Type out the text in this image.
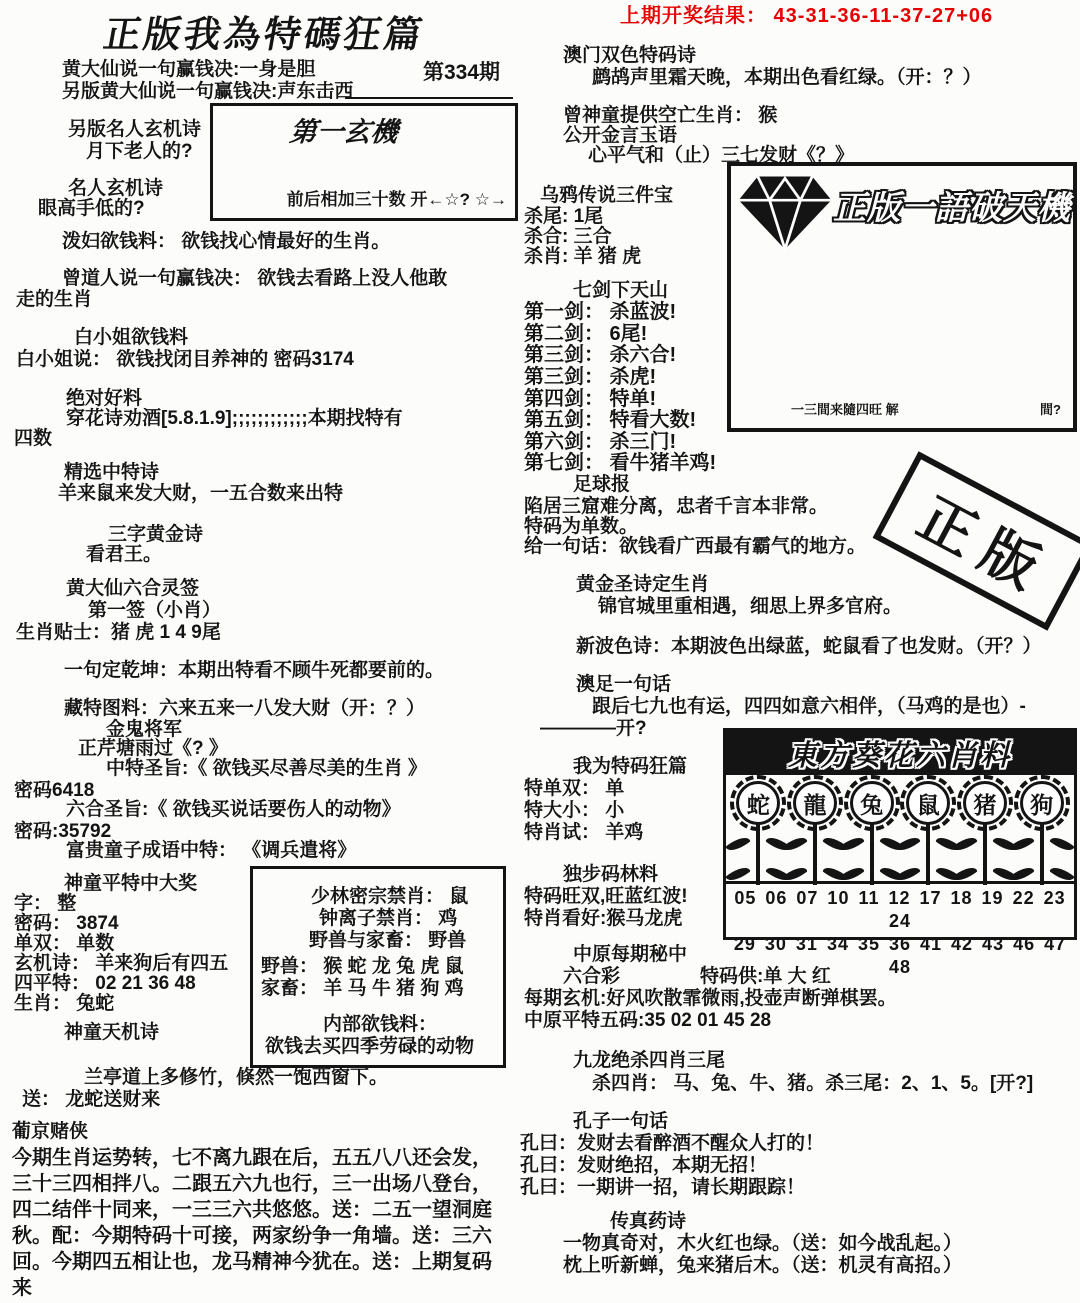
上期开奖结果： 43-31-36-11-37-27+06
正版我為特碼狂篇
黄大仙说一句赢钱决:一身是胆
另版黄大仙说一句赢钱决:声东击西
第334期
第一玄機
前后相加三十数 开←☆? ☆→
另版名人玄机诗
月下老人的?
名人玄机诗
眼高手低的?
泼妇欲钱料： 欲钱找心情最好的生肖。
曾道人说一句赢钱决： 欲钱去看路上没人他敢
走的生肖
白小姐欲钱料
白小姐说： 欲钱找闭目养神的 密码3174
绝对好料
穿花诗劝酒[5.8.1.9];;;;;;;;;;;;本期找特有
四数
精选中特诗
羊来鼠来发大财，一五合数来出特
三字黄金诗
看君王。
黄大仙六合灵签
第一签（小肖）
生肖贴士：猪 虎 1 4 9尾
一句定乾坤：本期出特看不顾牛死都要前的。
藏特图料：六来五来一八发大财（开：？）
金鬼将军
正芹塘雨过《? 》
中特圣旨:《 欲钱买尽善尽美的生肖 》
密码6418
六合圣旨:《 欲钱买说话要伤人的动物》
密码:35792
富贵童子成语中特： 《调兵遣将》
神童平特中大奖
字： 整
密码： 3874
单双： 单数
玄机诗： 羊来狗后有四五
四平特： 02 21 36 48
生肖： 兔蛇
神童天机诗
少林密宗禁肖： 鼠
钟离子禁肖： 鸡
野兽与家畜： 野兽
野兽： 猴 蛇 龙 兔 虎 鼠
家畜： 羊 马 牛 猪 狗 鸡
内部欲钱料：
欲钱去买四季劳碌的动物
兰亭道上多修竹，倏然一饱西窗下。
送： 龙蛇送财来
葡京赌侠
今期生肖运势转，七不离九跟在后，五五八八还会发，
三十三四相拌八。二跟五六九也行，三一出场八登台，
四二结伴十同来，一三三六共悠悠。送：二五一望洞庭
秋。配：今期特码十可接，两家纷争一角墙。送：三六
回。今期四五相让也，龙马精神今犹在。送：上期复码
来
澳门双色特码诗
鹧鸪声里霜天晚，本期出色看红绿。（开：？）
曾神童提供空亡生肖： 猴
公开金言玉语
心平气和（止）三七发财《？》
乌鸦传说三件宝
杀尾: 1尾
杀合: 三合
杀肖: 羊 猪 虎
正版一語破天機
一三間来隨四旺 解	間?
七剑下天山
第一剑： 杀蓝波!
第二剑： 6尾!
第三剑： 杀六合!
第三剑： 杀虎!
第四剑： 特单!
第五剑： 特看大数!
第六剑： 杀三门!
第七剑： 看牛猪羊鸡!
足球报
陷居三窟难分离，忠者千言本非常。
特码为单数。
给一句话：欲钱看广西最有霸气的地方。 正版
黄金圣诗定生肖
锦官城里重相遇，细思上界多官府。
新波色诗：本期波色出绿蓝，蛇鼠看了也发财。（开？）
澳足一句话
跟后七九也有运，四四如意六相伴，（马鸡的是也）-
————开?
我为特码狂篇
特单双： 单
特大小： 小
特肖试： 羊鸡
独步码林料
特码旺双,旺蓝红波!
特肖看好:猴马龙虎
東方葵花六肖料
蛇	龍	兔	鼠	猪	狗
05 06 07 10 11 12 17 18 19 22 23 24
29 30 31 34 35 36 41 42 43 46 47 48
中原每期秘中
六合彩	特码供:单 大 红
每期玄机:好风吹散霏微雨,投壶声断弹棋罢。
中原平特五码:35 02 01 45 28
九龙绝杀四肖三尾
杀四肖： 马、兔、牛、猪。杀三尾：2、1、5。[开?]
孔子一句话
孔曰：发财去看醉酒不醒众人打的！
孔曰：发财绝招，本期无招！
孔曰：一期讲一招，请长期跟踪！
传真药诗
一物真奇对，木火红也绿。（送：如今战乱起。）
枕上听新蝉，兔来猪后木。（送：机灵有高招。）
